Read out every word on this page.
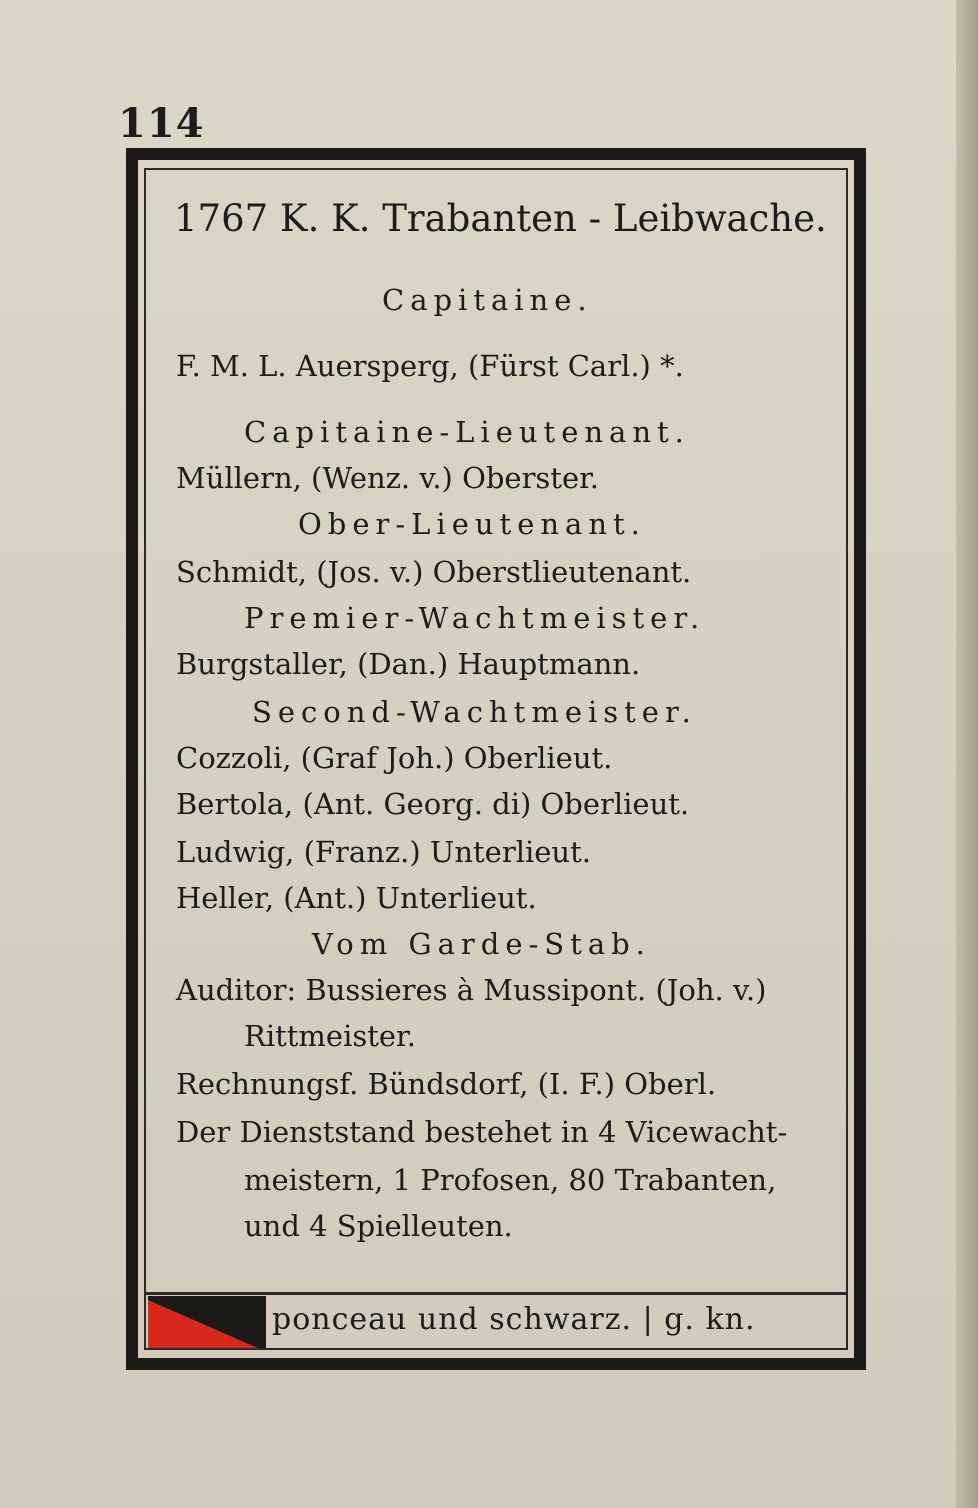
114
1767 K. K. Trabanten - Leibwache.
Capitaine.
F. M. L. Auersperg, (Fürst Carl.) *.
Capitaine-Lieutenant.
Müllern, (Wenz. v.) Oberster.
Ober-Lieutenant.
Schmidt, (Jos. v.) Oberstlieutenant.
Premier-Wachtmeister.
Burgstaller, (Dan.) Hauptmann.
Second-Wachtmeister.
Cozzoli, (Graf Joh.) Oberlieut.
Bertola, (Ant. Georg. di) Oberlieut.
Ludwig, (Franz.) Unterlieut.
Heller, (Ant.) Unterlieut.
Vom Garde-Stab.
Auditor: Bussieres à Mussipont. (Joh. v.)
Rittmeister.
Rechnungsf. Bündsdorf, (I. F.) Oberl.
Der Dienststand bestehet in 4 Vicewacht-
meistern, 1 Profosen, 80 Trabanten,
und 4 Spielleuten.
ponceau und schwarz. | g. kn.
